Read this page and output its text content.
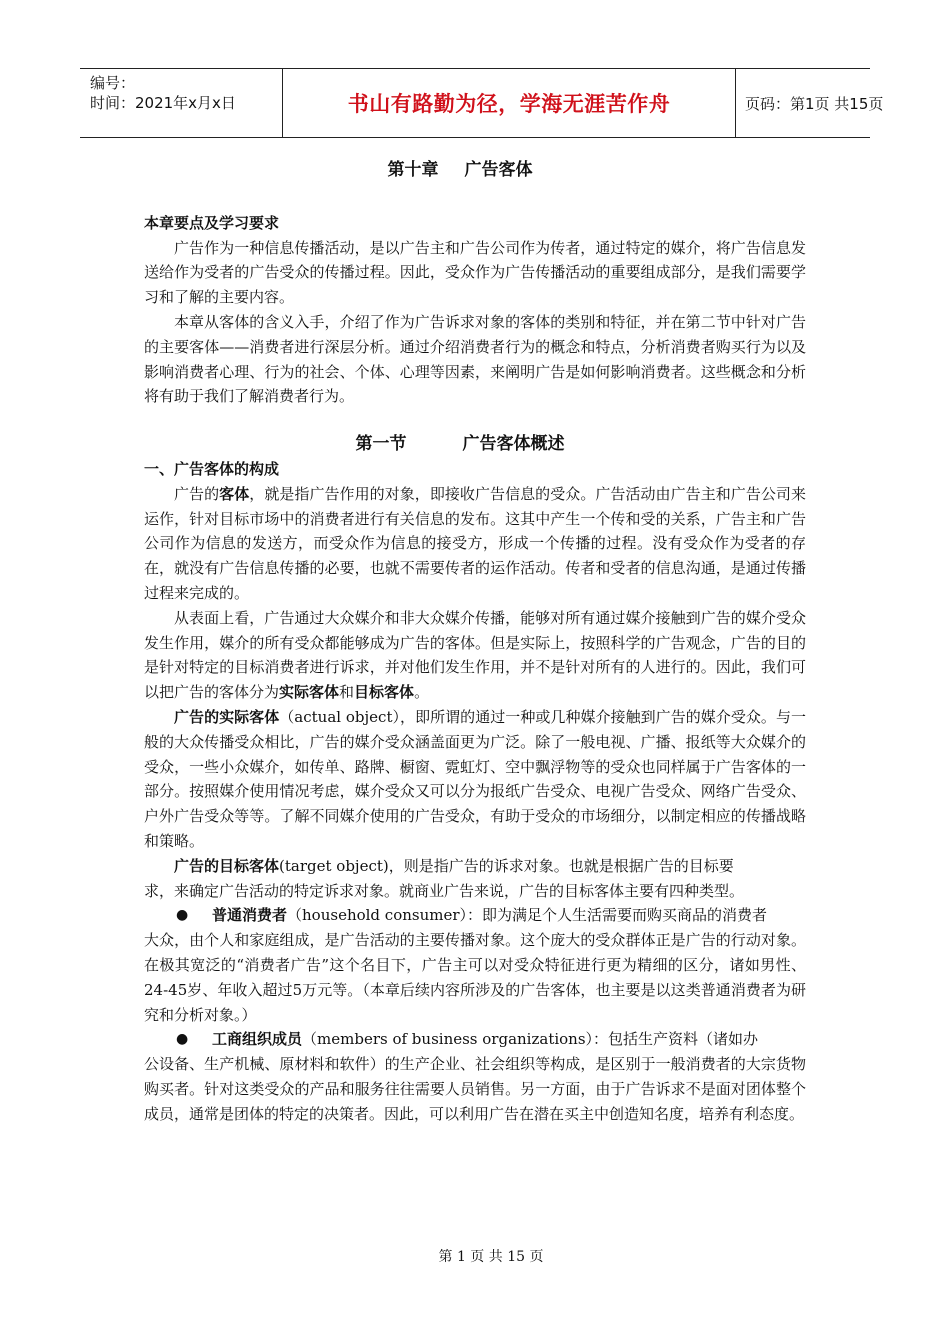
编号：
时间：2021年x月x日	书山有路勤为径，学海无涯苦作舟	页码：第1页 共15页
第十章 广告客体

本章要点及学习要求

广告作为一种信息传播活动，是以广告主和广告公司作为传者，通过特定的媒介，将广告信息发送给作为受者的广告受众的传播过程。因此，受众作为广告传播活动的重要组成部分，是我们需要学习和了解的主要内容。

本章从客体的含义入手，介绍了作为广告诉求对象的客体的类别和特征，并在第二节中针对广告的主要客体——消费者进行深层分析。通过介绍消费者行为的概念和特点，分析消费者购买行为以及影响消费者心理、行为的社会、个体、心理等因素，来阐明广告是如何影响消费者。这些概念和分析将有助于我们了解消费者行为。

第一节	广告客体概述

一、广告客体的构成

广告的客体，就是指广告作用的对象，即接收广告信息的受众。广告活动由广告主和广告公司来运作，针对目标市场中的消费者进行有关信息的发布。这其中产生一个传和受的关系，广告主和广告公司作为信息的发送方，而受众作为信息的接受方，形成一个传播的过程。没有受众作为受者的存在，就没有广告信息传播的必要，也就不需要传者的运作活动。传者和受者的信息沟通，是通过传播过程来完成的。

从表面上看，广告通过大众媒介和非大众媒介传播，能够对所有通过媒介接触到广告的媒介受众发生作用，媒介的所有受众都能够成为广告的客体。但是实际上，按照科学的广告观念，广告的目的是针对特定的目标消费者进行诉求，并对他们发生作用，并不是针对所有的人进行的。因此，我们可以把广告的客体分为实际客体和目标客体。

广告的实际客体（actual object），即所谓的通过一种或几种媒介接触到广告的媒介受众。与一般的大众传播受众相比，广告的媒介受众涵盖面更为广泛。除了一般电视、广播、报纸等大众媒介的受众，一些小众媒介，如传单、路牌、橱窗、霓虹灯、空中飘浮物等的受众也同样属于广告客体的一部分。按照媒介使用情况考虑，媒介受众又可以分为报纸广告受众、电视广告受众、网络广告受众、户外广告受众等等。了解不同媒介使用的广告受众，有助于受众的市场细分，以制定相应的传播战略和策略。

广告的目标客体(target object)，则是指广告的诉求对象。也就是根据广告的目标要

求，来确定广告活动的特定诉求对象。就商业广告来说，广告的目标客体主要有四种类型。

●	普通消费者（household consumer）：即为满足个人生活需要而购买商品的消费者

大众，由个人和家庭组成，是广告活动的主要传播对象。这个庞大的受众群体正是广告的行动对象。在极其宽泛的“消费者广告”这个名目下，广告主可以对受众特征进行更为精细的区分，诸如男性、24-45岁、年收入超过5万元等。（本章后续内容所涉及的广告客体，也主要是以这类普通消费者为研究和分析对象。）

●	工商组织成员（members of business organizations）：包括生产资料（诸如办

公设备、生产机械、原材料和软件）的生产企业、社会组织等构成，是区别于一般消费者的大宗货物购买者。针对这类受众的产品和服务往往需要人员销售。另一方面，由于广告诉求不是面对团体整个成员，通常是团体的特定的决策者。因此，可以利用广告在潜在买主中创造知名度，培养有利态度。

第 1 页 共 15 页
